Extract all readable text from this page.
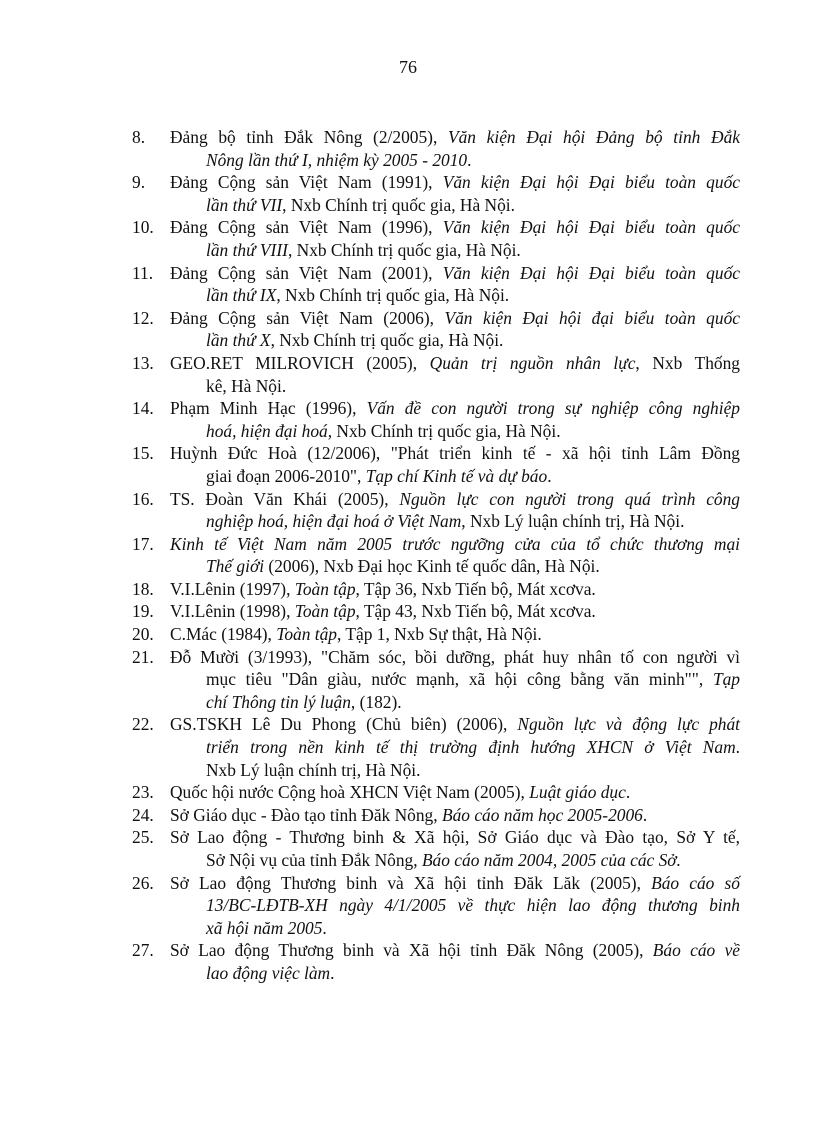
76
8.	Đảng bộ tỉnh Đắk Nông (2/2005), Văn kiện Đại hội Đảng bộ tỉnh Đắk
Nông lần thứ I, nhiệm kỳ 2005 - 2010.
9.	Đảng Cộng sản Việt Nam (1991), Văn kiện Đại hội Đại biểu toàn quốc
lần thứ VII, Nxb Chính trị quốc gia, Hà Nội.
10. Đảng Cộng sản Việt Nam (1996), Văn kiện Đại hội Đại biểu toàn quốc
lần thứ VIII, Nxb Chính trị quốc gia, Hà Nội.
11. Đảng Cộng sản Việt Nam (2001), Văn kiện Đại hội Đại biểu toàn quốc
lần thứ IX, Nxb Chính trị quốc gia, Hà Nội.
12. Đảng Cộng sản Việt Nam (2006), Văn kiện Đại hội đại biểu toàn quốc
lần thứ X, Nxb Chính trị quốc gia, Hà Nội.
13. GEO.RET MILROVICH (2005), Quản trị nguồn nhân lực, Nxb Thống
kê, Hà Nội.
14. Phạm Minh Hạc (1996), Vấn đề con người trong sự nghiệp công nghiệp
hoá, hiện đại hoá, Nxb Chính trị quốc gia, Hà Nội.
15. Huỳnh Đức Hoà (12/2006), "Phát triển kinh tế - xã hội tỉnh Lâm Đồng
giai đoạn 2006-2010", Tạp chí Kinh tế và dự báo.
16. TS. Đoàn Văn Khái (2005), Nguồn lực con người trong quá trình công
nghiệp hoá, hiện đại hoá ở Việt Nam, Nxb Lý luận chính trị, Hà Nội.
17. Kinh tế Việt Nam năm 2005 trước ngưỡng cửa của tổ chức thương mại
Thế giới (2006), Nxb Đại học Kinh tế quốc dân, Hà Nội.
18. V.I.Lênin (1997), Toàn tập, Tập 36, Nxb Tiến bộ, Mát xcơva.
19. V.I.Lênin (1998), Toàn tập, Tập 43, Nxb Tiến bộ, Mát xcơva.
20. C.Mác (1984), Toàn tập, Tập 1, Nxb Sự thật, Hà Nội.
21. Đỗ Mười (3/1993), "Chăm sóc, bồi dưỡng, phát huy nhân tố con người vì
mục tiêu "Dân giàu, nước mạnh, xã hội công bằng văn minh"", Tạp
chí Thông tin lý luận, (182).
22. GS.TSKH Lê Du Phong (Chủ biên) (2006), Nguồn lực và động lực phát
triển trong nền kinh tế thị trường định hướng XHCN ở Việt Nam.
Nxb Lý luận chính trị, Hà Nội.
23. Quốc hội nước Cộng hoà XHCN Việt Nam (2005), Luật giáo dục.
24. Sở Giáo dục - Đào tạo tỉnh Đăk Nông, Báo cáo năm học 2005-2006.
25. Sở Lao động - Thương binh & Xã hội, Sở Giáo dục và Đào tạo, Sở Y tế,
Sở Nội vụ của tỉnh Đắk Nông, Báo cáo năm 2004, 2005 của các Sở.
26. Sở Lao động Thương binh và Xã hội tỉnh Đăk Lăk (2005), Báo cáo số
13/BC-LĐTB-XH ngày 4/1/2005 về thực hiện lao động thương binh
xã hội năm 2005.
27. Sở Lao động Thương binh và Xã hội tỉnh Đăk Nông (2005), Báo cáo về
lao động việc làm.
